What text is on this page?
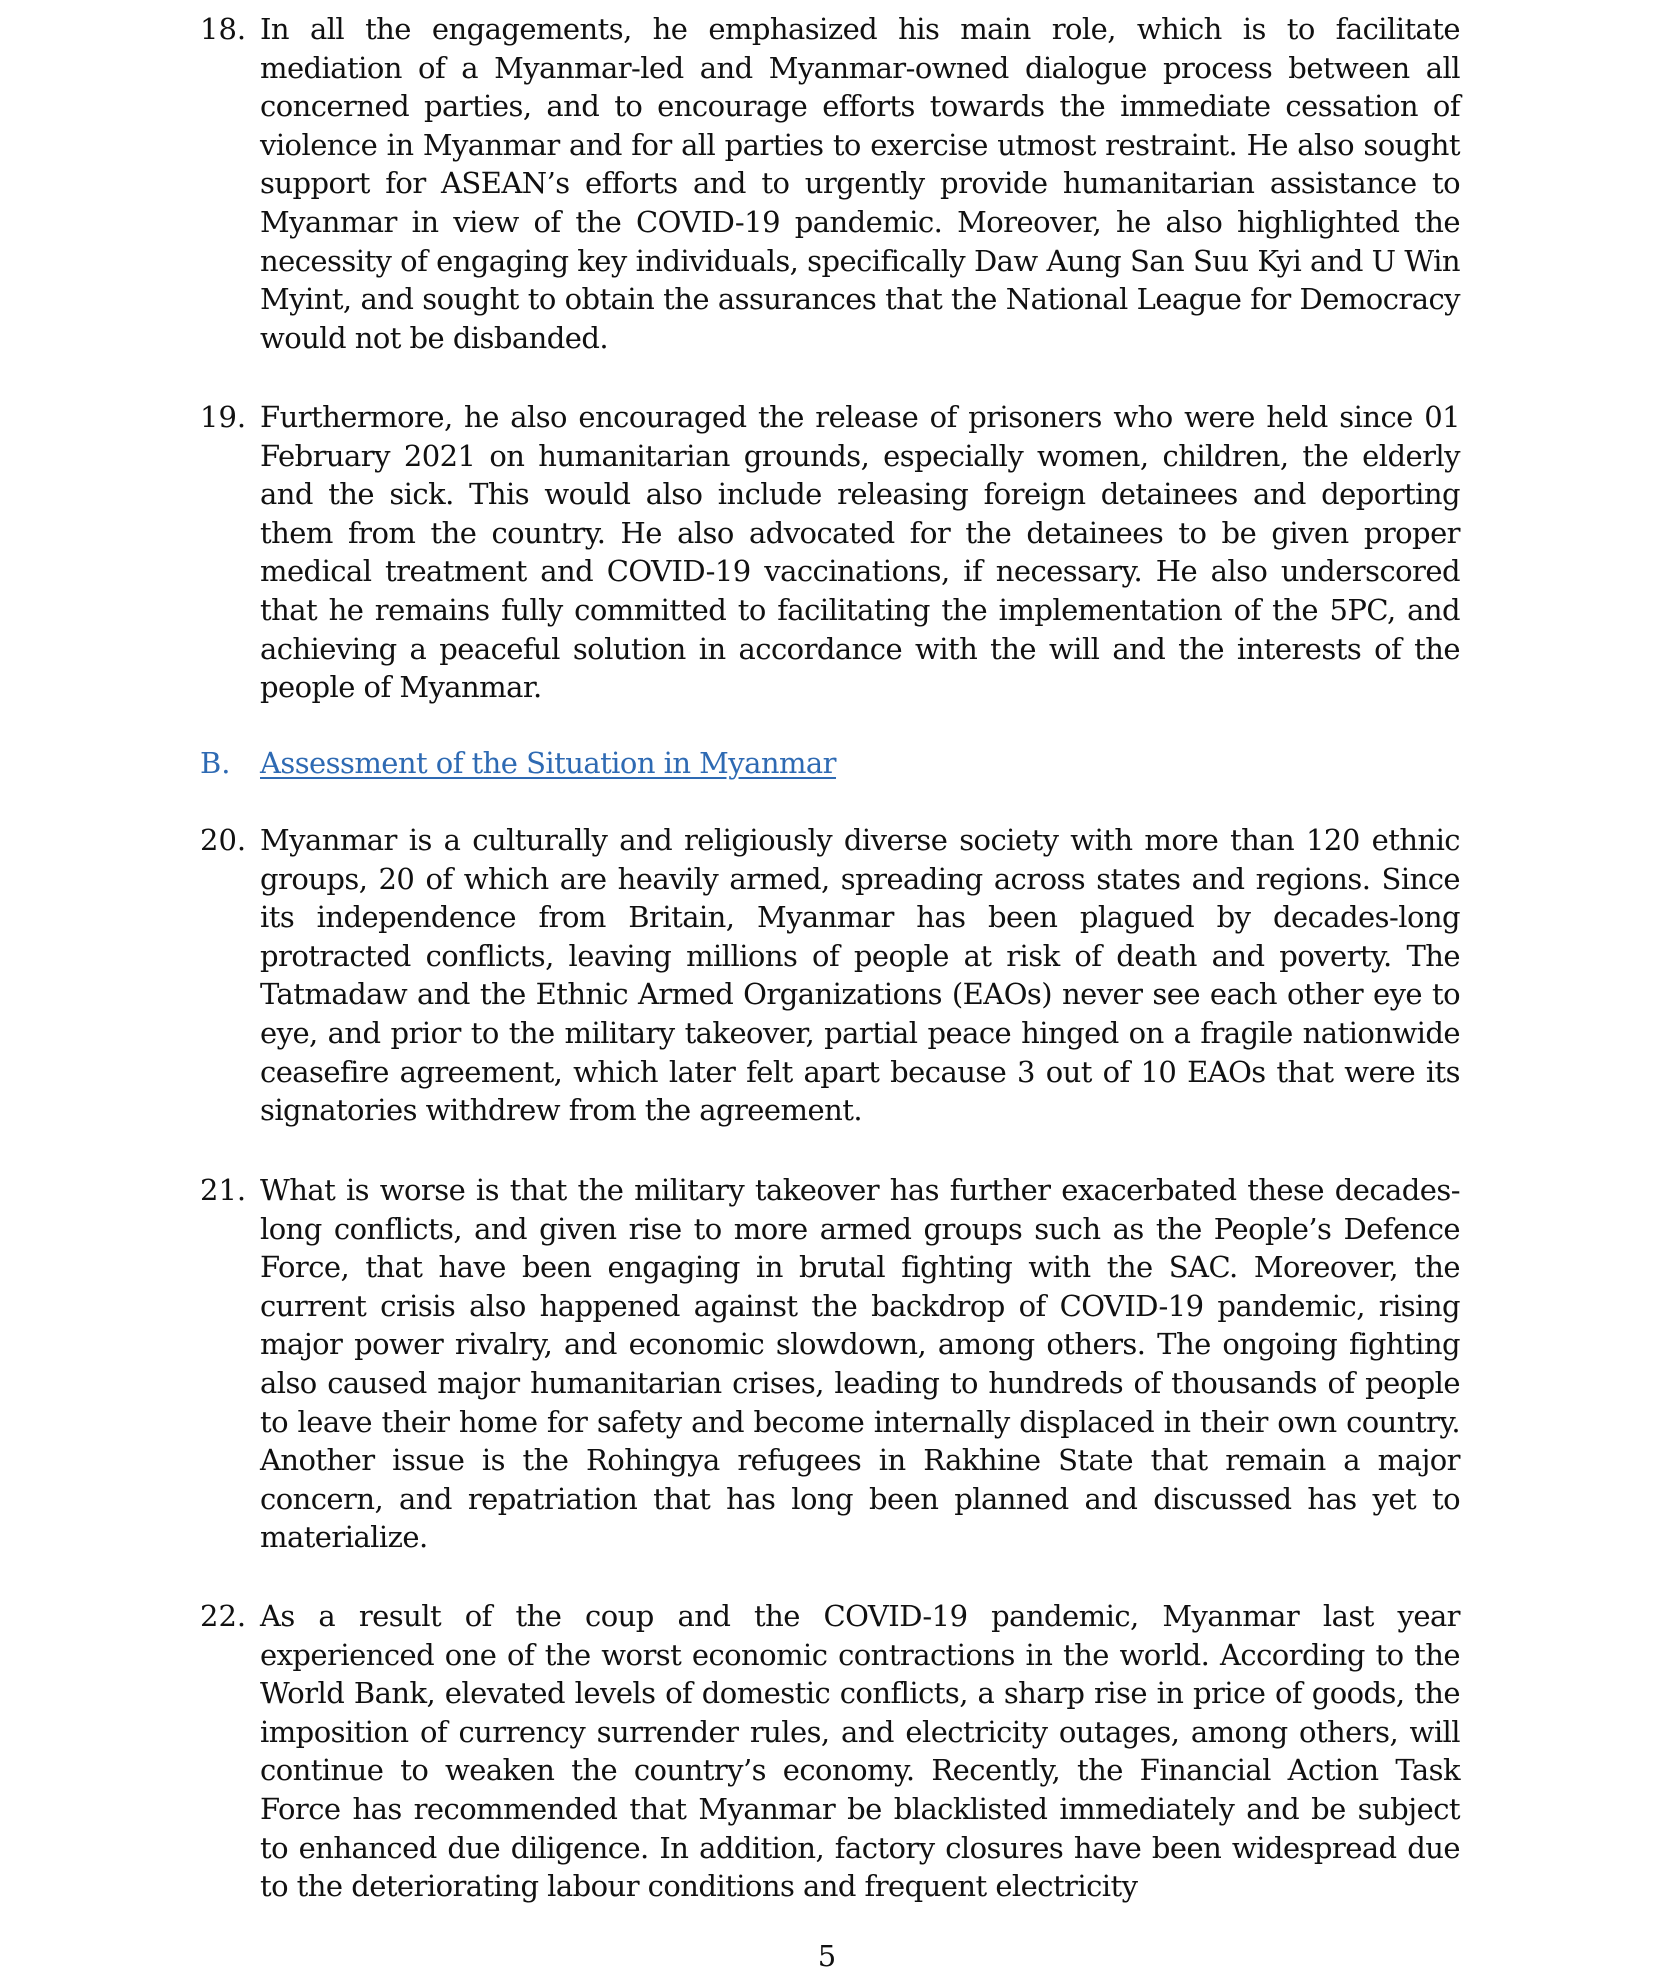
18. In all the engagements, he emphasized his main role, which is to facilitate mediation of a Myanmar-led and Myanmar-owned dialogue process between all concerned parties, and to encourage efforts towards the immediate cessation of violence in Myanmar and for all parties to exercise utmost restraint. He also sought support for ASEAN’s efforts and to urgently provide humanitarian assistance to Myanmar in view of the COVID-19 pandemic. Moreover, he also highlighted the necessity of engaging key individuals, specifically Daw Aung San Suu Kyi and U Win Myint, and sought to obtain the assurances that the National League for Democracy would not be disbanded.
19. Furthermore, he also encouraged the release of prisoners who were held since 01 February 2021 on humanitarian grounds, especially women, children, the elderly and the sick. This would also include releasing foreign detainees and deporting them from the country. He also advocated for the detainees to be given proper medical treatment and COVID-19 vaccinations, if necessary. He also underscored that he remains fully committed to facilitating the implementation of the 5PC, and achieving a peaceful solution in accordance with the will and the interests of the people of Myanmar.
B. Assessment of the Situation in Myanmar
20. Myanmar is a culturally and religiously diverse society with more than 120 ethnic groups, 20 of which are heavily armed, spreading across states and regions. Since its independence from Britain, Myanmar has been plagued by decades-long protracted conflicts, leaving millions of people at risk of death and poverty. The Tatmadaw and the Ethnic Armed Organizations (EAOs) never see each other eye to eye, and prior to the military takeover, partial peace hinged on a fragile nationwide ceasefire agreement, which later felt apart because 3 out of 10 EAOs that were its signatories withdrew from the agreement.
21. What is worse is that the military takeover has further exacerbated these decades-long conflicts, and given rise to more armed groups such as the People’s Defence Force, that have been engaging in brutal fighting with the SAC. Moreover, the current crisis also happened against the backdrop of COVID-19 pandemic, rising major power rivalry, and economic slowdown, among others. The ongoing fighting also caused major humanitarian crises, leading to hundreds of thousands of people to leave their home for safety and become internally displaced in their own country. Another issue is the Rohingya refugees in Rakhine State that remain a major concern, and repatriation that has long been planned and discussed has yet to materialize.
22. As a result of the coup and the COVID-19 pandemic, Myanmar last year experienced one of the worst economic contractions in the world. According to the World Bank, elevated levels of domestic conflicts, a sharp rise in price of goods, the imposition of currency surrender rules, and electricity outages, among others, will continue to weaken the country’s economy. Recently, the Financial Action Task Force has recommended that Myanmar be blacklisted immediately and be subject to enhanced due diligence. In addition, factory closures have been widespread due to the deteriorating labour conditions and frequent electricity
5
